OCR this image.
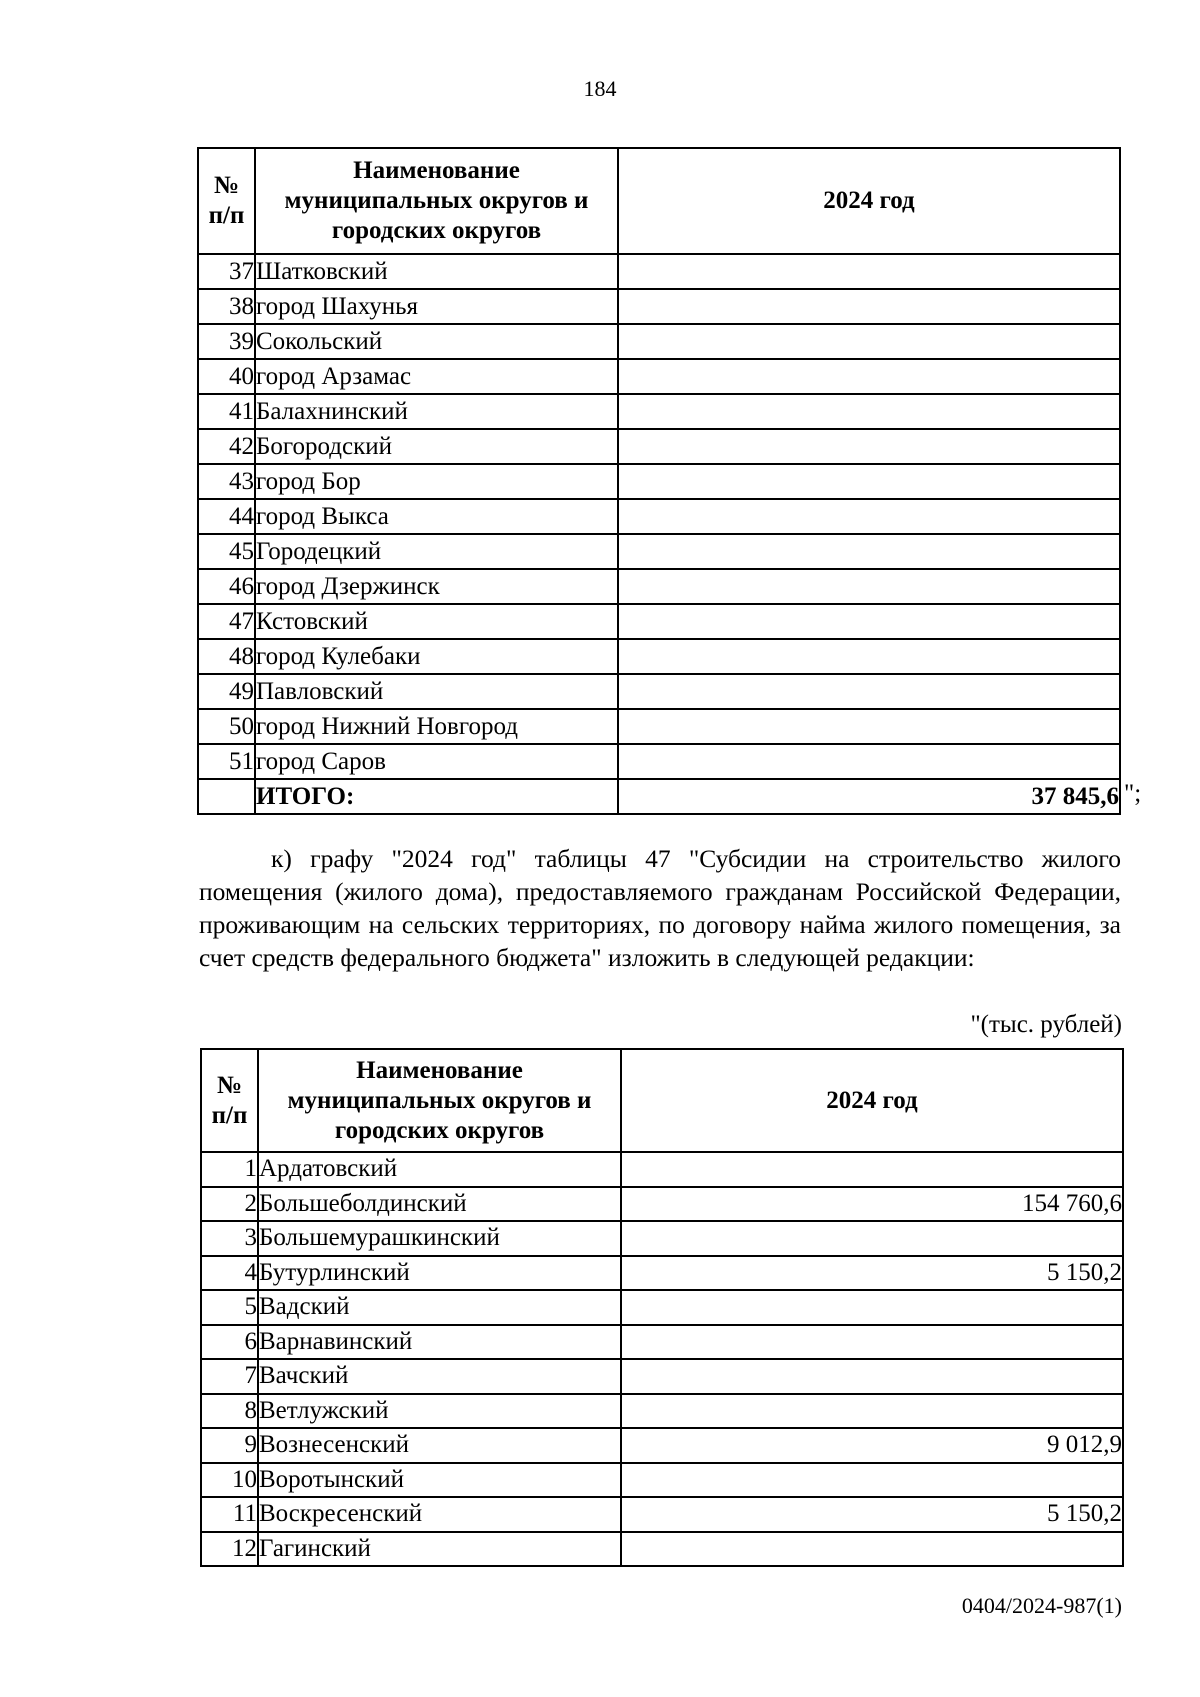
184
№ п/п	Наименование муниципальных округов и городских округов	2024 год
37	Шатковский	
38	город Шахунья	
39	Сокольский	
40	город Арзамас	
41	Балахнинский	
42	Богородский	
43	город Бор	
44	город Выкса	
45	Городецкий	
46	город Дзержинск	
47	Кстовский	
48	город Кулебаки	
49	Павловский	
50	город Нижний Новгород	
51	город Саров	
	ИТОГО:	37 845,6 ";
к) графу "2024 год" таблицы 47 "Субсидии на строительство жилого помещения (жилого дома), предоставляемого гражданам Российской Федерации, проживающим на сельских территориях, по договору найма жилого помещения, за счет средств федерального бюджета" изложить в следующей редакции:
"(тыс. рублей)
№ п/п	Наименование муниципальных округов и городских округов	2024 год
1	Ардатовский	
2	Большеболдинский	154 760,6
3	Большемурашкинский	
4	Бутурлинский	5 150,2
5	Вадский	
6	Варнавинский	
7	Вачский	
8	Ветлужский	
9	Вознесенский	9 012,9
10	Воротынский	
11	Воскресенский	5 150,2
12	Гагинский	
0404/2024-987(1)
